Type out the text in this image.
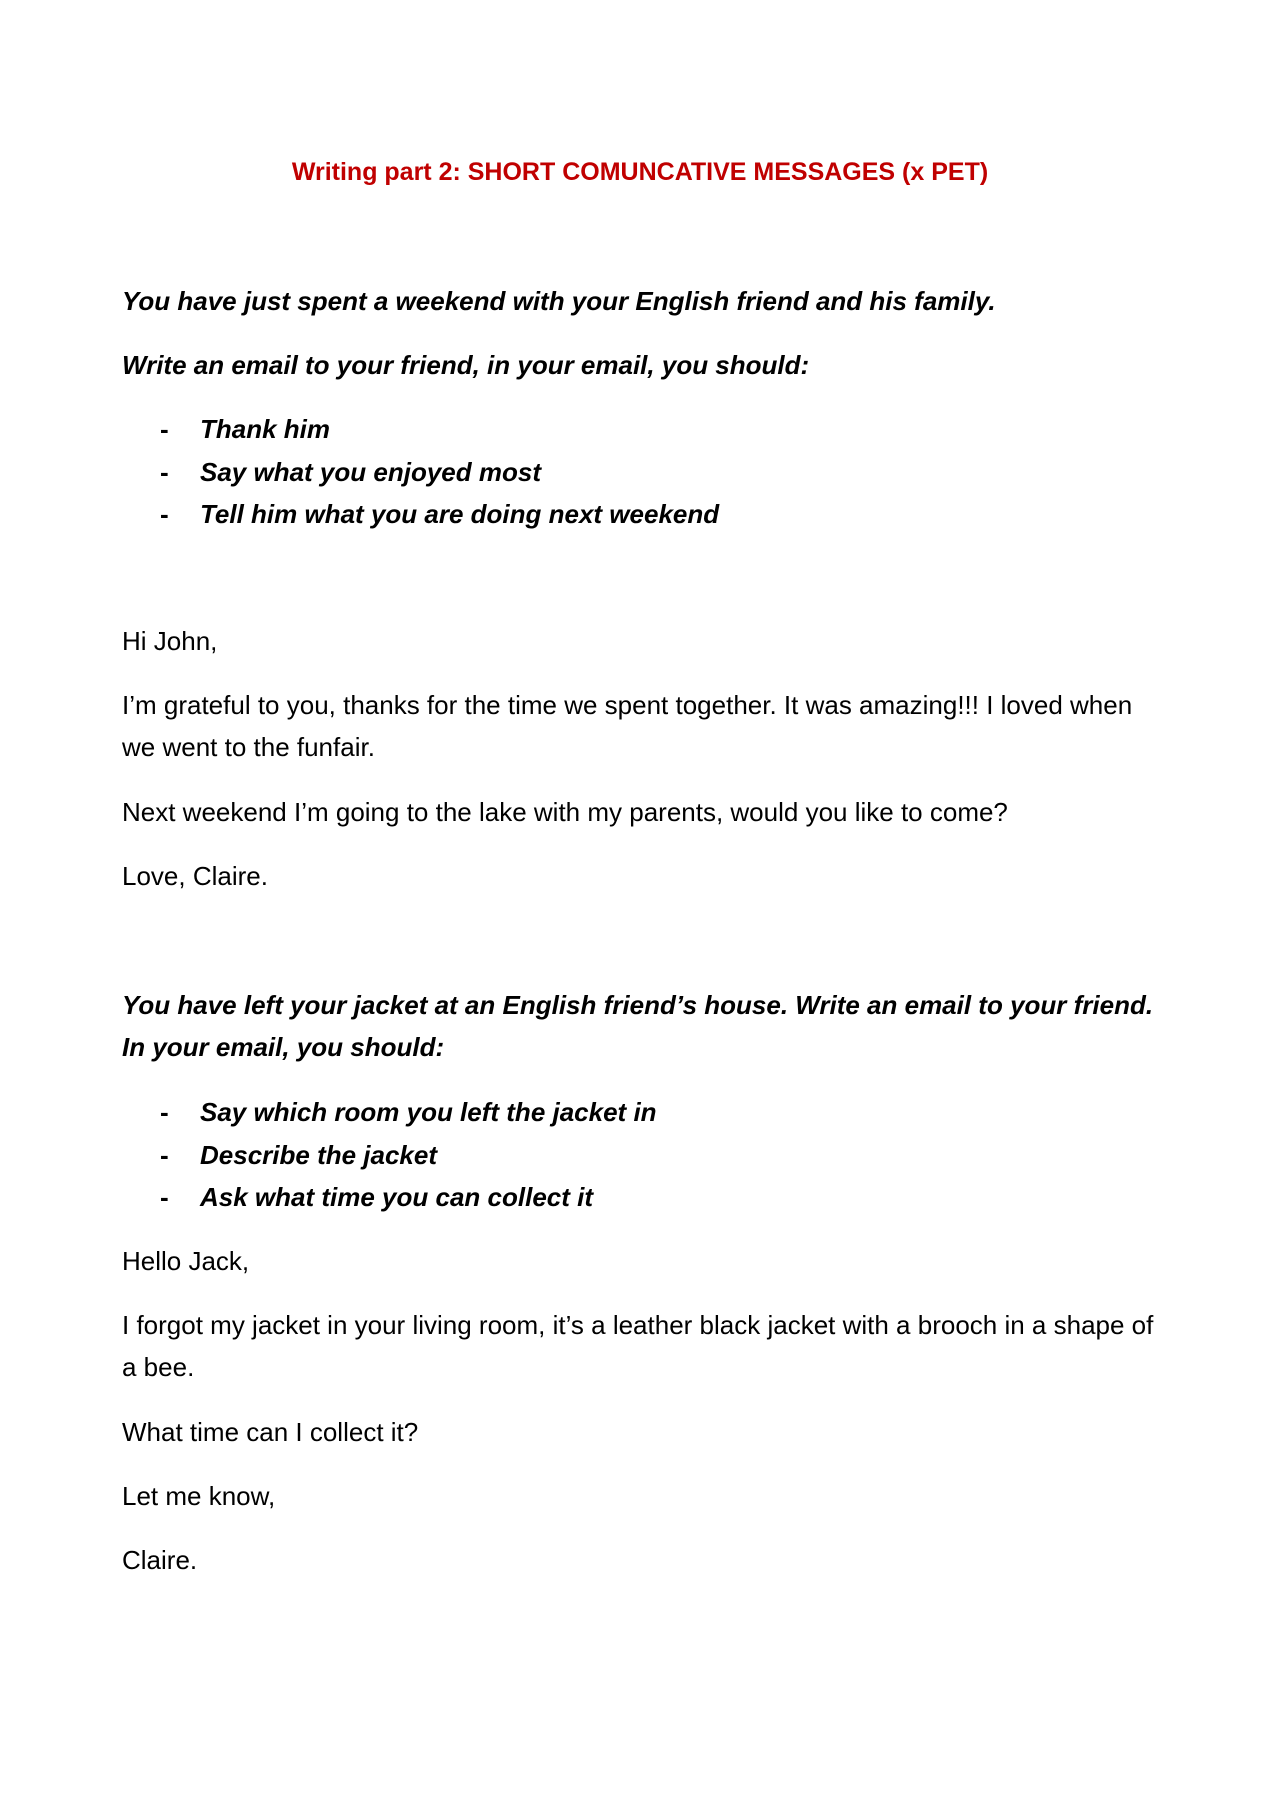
Writing part 2: SHORT COMUNCATIVE MESSAGES (x PET)

You have just spent a weekend with your English friend and his family.

Write an email to your friend, in your email, you should:

- Thank him
- Say what you enjoyed most
- Tell him what you are doing next weekend

Hi John,

I’m grateful to you, thanks for the time we spent together. It was amazing!!! I loved when we went to the funfair.

Next weekend I’m going to the lake with my parents, would you like to come?

Love, Claire.

You have left your jacket at an English friend’s house. Write an email to your friend. In your email, you should:

- Say which room you left the jacket in
- Describe the jacket
- Ask what time you can collect it

Hello Jack,

I forgot my jacket in your living room, it’s a leather black jacket with a brooch in a shape of a bee.

What time can I collect it?

Let me know,

Claire.
